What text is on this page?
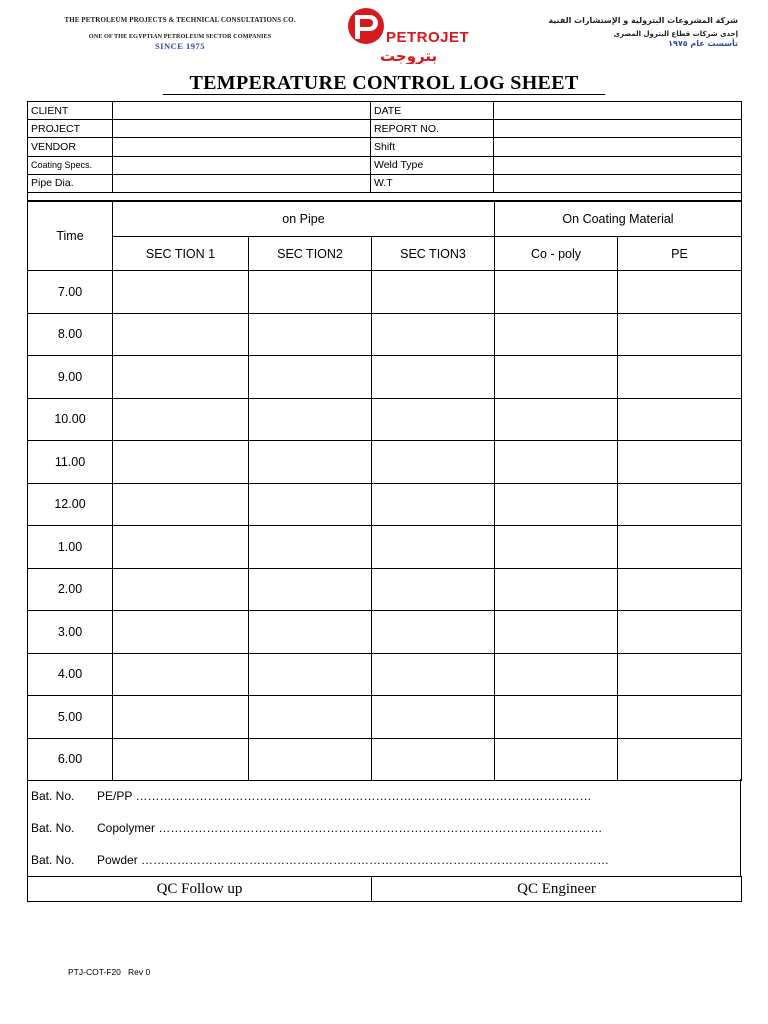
THE PETROLEUM PROJECTS & TECHNICAL CONSULTATIONS CO.
ONE OF THE EGYPTIAN PETROLEUM SECTOR COMPANIES
SINCE 1975	PETROJET
بتروجت
شركة المشروعات البترولية و الإستشارات الفنية
إحدى شركات قطاع البترول المصرى
تأسست عام ١٩٧٥
TEMPERATURE CONTROL LOG SHEET
CLIENT		DATE	
PROJECT		REPORT NO.	
VENDOR		Shift	
Coating Specs.		Weld Type	
Pipe Dia.		W.T	

Time	on Pipe			On Coating Material	
	SEC TION 1	SEC TION2	SEC TION3	Co - poly	PE
7.00					
8.00					
9.00					
10.00					
11.00					
12.00					
1.00					
2.00					
3.00					
4.00					
5.00					
6.00					
Bat. No. PE/PP ……………………………………………………………………………………………………
Bat. No. Copolymer …………………………………………………………………………………………………
Bat. No. Powder ………………………………………………………………………………………………………
QC Follow up	QC Engineer
PTJ-COT-F20   Rev 0
